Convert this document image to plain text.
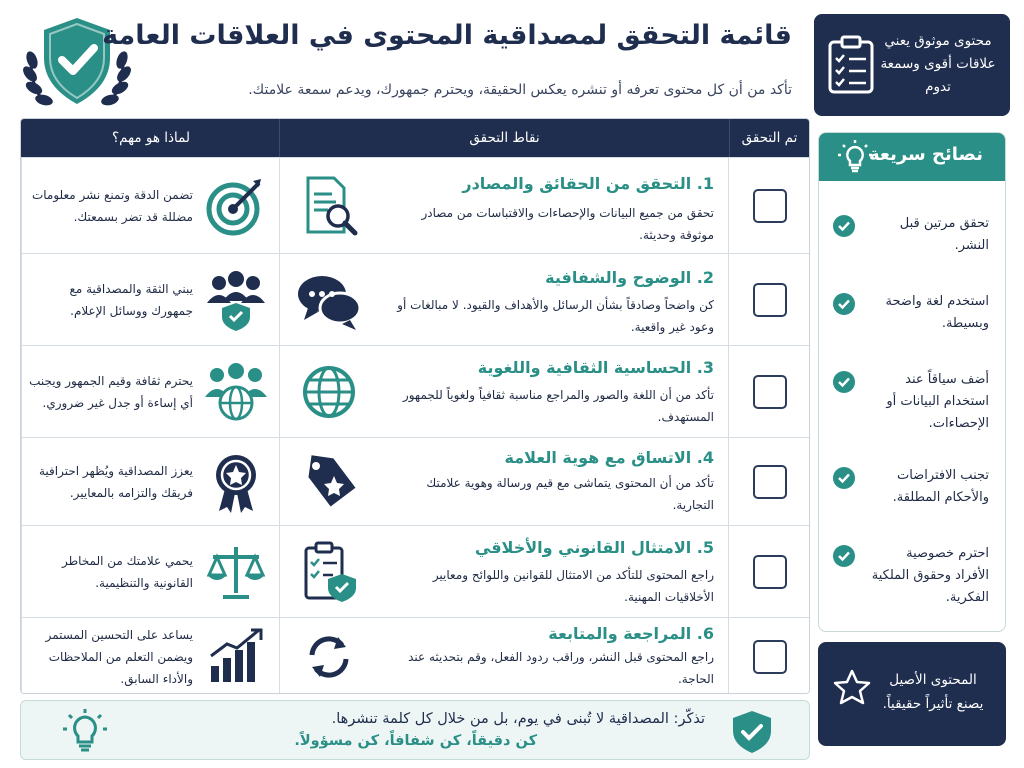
قائمة التحقق لمصداقية المحتوى في العلاقات العامة
تأكد من أن كل محتوى تعرفه أو تنشره يعكس الحقيقة، ويحترم جمهورك، ويدعم سمعة علامتك.
محتوى موثوق يعني علاقات أقوى وسمعة تدوم
تم التحقق
نقاط التحقق
لماذا هو مهم؟
1. التحقق من الحقائق والمصادر
تحقق من جميع البيانات والإحصاءات والاقتباسات من مصادر موثوقة وحديثة.
تضمن الدقة وتمنع نشر معلومات مضللة قد تضر بسمعتك.
2. الوضوح والشفافية
كن واضحاً وصادقاً بشأن الرسائل والأهداف والقيود. لا مبالغات أو وعود غير واقعية.
يبني الثقة والمصداقية مع جمهورك ووسائل الإعلام.
3. الحساسية الثقافية واللغوية
تأكد من أن اللغة والصور والمراجع مناسبة ثقافياً ولغوياً للجمهور المستهدف.
يحترم ثقافة وقيم الجمهور ويجنب أي إساءة أو جدل غير ضروري.
4. الاتساق مع هوية العلامة
تأكد من أن المحتوى يتماشى مع قيم ورسالة وهوية علامتك التجارية.
يعزز المصداقية ويُظهر احترافية فريقك والتزامه بالمعايير.
5. الامتثال القانوني والأخلاقي
راجع المحتوى للتأكد من الامتثال للقوانين واللوائح ومعايير الأخلاقيات المهنية.
يحمي علامتك من المخاطر القانونية والتنظيمية.
6. المراجعة والمتابعة
راجع المحتوى قبل النشر، وراقب ردود الفعل، وقم بتحديثه عند الحاجة.
يساعد على التحسين المستمر ويضمن التعلم من الملاحظات والأداء السابق.
تذكّر: المصداقية لا تُبنى في يوم، بل من خلال كل كلمة تنشرها.
كن دقيقاً، كن شفافاً، كن مسؤولاً.
نصائح سريعة
تحقق مرتين قبل النشر.
استخدم لغة واضحة وبسيطة.
أضف سياقاً عند استخدام البيانات أو الإحصاءات.
تجنب الافتراضات والأحكام المطلقة.
احترم خصوصية الأفراد وحقوق الملكية الفكرية.
المحتوى الأصيل يصنع تأثيراً حقيقياً.
